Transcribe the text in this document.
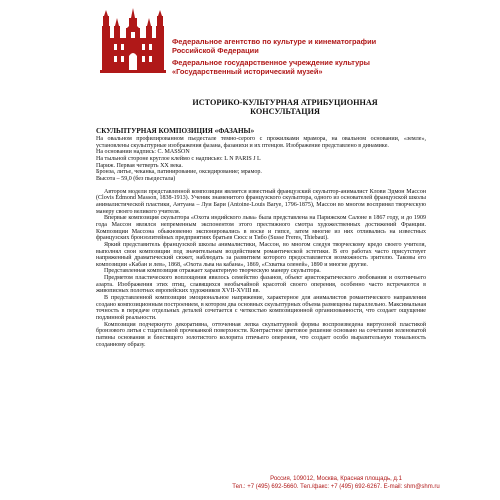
Федеральное агентство по культуре и кинематографии
Российской Федерации
Федеральное государственное учреждение культуры
«Государственный исторический музей»
ИСТОРИКО-КУЛЬТУРНАЯ АТРИБУЦИОННАЯ
КОНСУЛЬТАЦИЯ

СКУЛЬПТУРНАЯ КОМПОЗИЦИЯ «ФАЗАНЫ»

На овальном профилированном пьедестале темно-серого с прожилками мрамора, на овальном основании, «земле», установлены скульптурные изображения фазана, фазанихи и их птенцов. Изображение представлено в динамике.

На основании надпись: С. MASSON

На тыльной стороне круглое клеймо с надписью: L N PARIS J L

Париж. Первая четверть XX века.

Бронза, литье, чеканка, патинирование, оксидирование; мрамор.

Высота – 59,0 (без пьедестала)

Автором модели представленной композиции является известный французский скульптор-анималист Клови Эдмон Массон (Clovis Edmond Masson, 1838-1913). Ученик знаменитого французского скульптора, одного из основателей французской школы анималистической пластики, Антуана – Луи Бари (Antoine-Louis Barye, 1796-1875), Массон во многом воспринял творческую манеру своего великого учителя.

Впервые композиция скульптора «Охота индийского льва» была представлена на Парижском Салоне в 1867 году, и до 1909 года Массон являлся непременным экспонентом этого престижного смотра художественных достижений Франции. Композиции Массона обыкновенно экспонировались в воске и гипсе, затем многие из них отливались на известных французских бронзолитейных предприятиях братьев Сюсс и Тибо (Susse Freres, Thiebaut).

Яркий представитель французской школы анималистики, Массон, во многом следуя творческому кредо своего учителя, выполнял свои композиции под значительным воздействием романтической эстетики. В его работах часто присутствует напряженный драматический сюжет, наблюдать за развитием которого предоставляется возможность зрителю. Таковы его композиции «Кабан и лев», 1868, «Охота льва на кабана», 1869, «Схватка оленей», 1890 и многие другие.

Представленная композиция отражает характерную творческую манеру скульптора.

Предметом пластического воплощения явилось семейство фазанов, объект аристократического любования и охотничьего азарта. Изображения этих птиц, славящихся необычайной красотой своего оперения, особенно часто встречаются в живописных полотнах европейских художников XVII-XVIII вв.

В представленной композиции эмоциональное напряжение, характерное для анималистов романтического направления создано композиционным построением, в котором два основных скульптурных объема размещены параллельно. Максимальная точность в передаче отдельных деталей сочетается с четкостью композиционной организованности, что создает ощущение подлинной реальности.

Композиция подчеркнуто декоративна, отточенная лепка скульптурной формы воспроизведена виртуозной пластикой бронзового литья с тщательной прочеканкой поверхности. Контрастное цветовое решение основано на сочетании зеленоватой патины основания и блестящего золотистого колорита птичьего оперения, что создает особо выразительную тональность созданному образу.

Россия, 109012, Москва, Красная площадь, д.1
Тел.: +7 (495) 692-5660. Тел./факс: +7 (495) 692-6267. E-mail: shm@shm.ru
